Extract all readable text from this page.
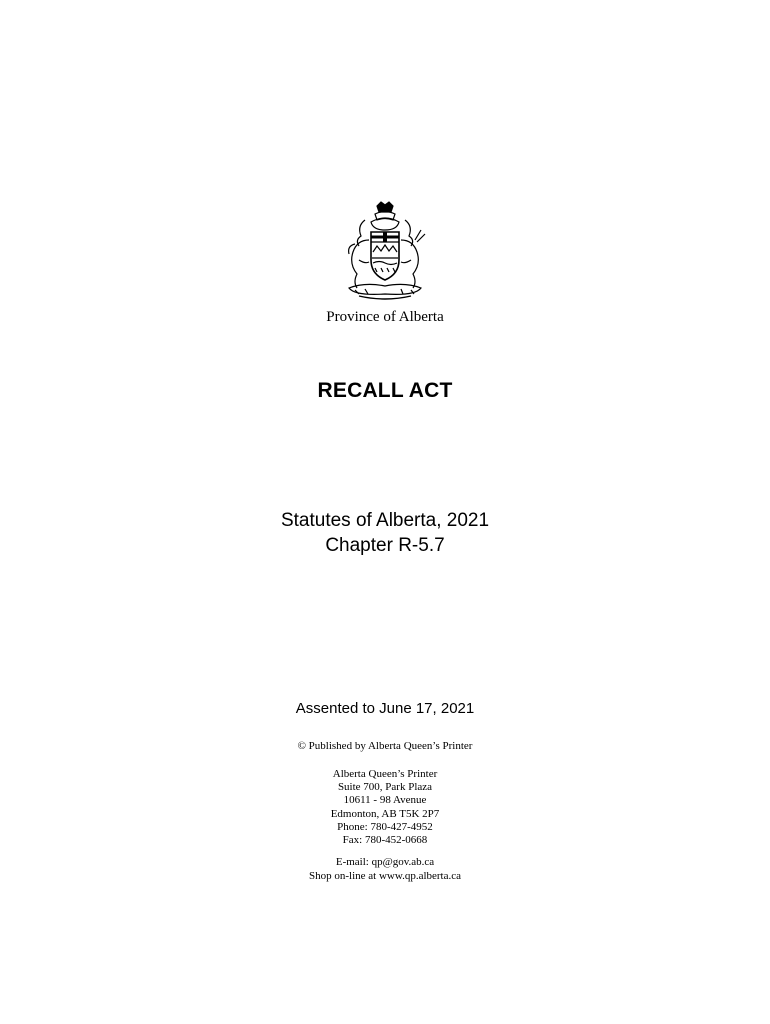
Province of Alberta
RECALL ACT
Statutes of Alberta, 2021
Chapter R-5.7
Assented to June 17, 2021
© Published by Alberta Queen’s Printer
Alberta Queen’s Printer
Suite 700, Park Plaza
10611 - 98 Avenue
Edmonton, AB T5K 2P7
Phone: 780-427-4952
Fax: 780-452-0668
E-mail: qp@gov.ab.ca
Shop on-line at www.qp.alberta.ca
